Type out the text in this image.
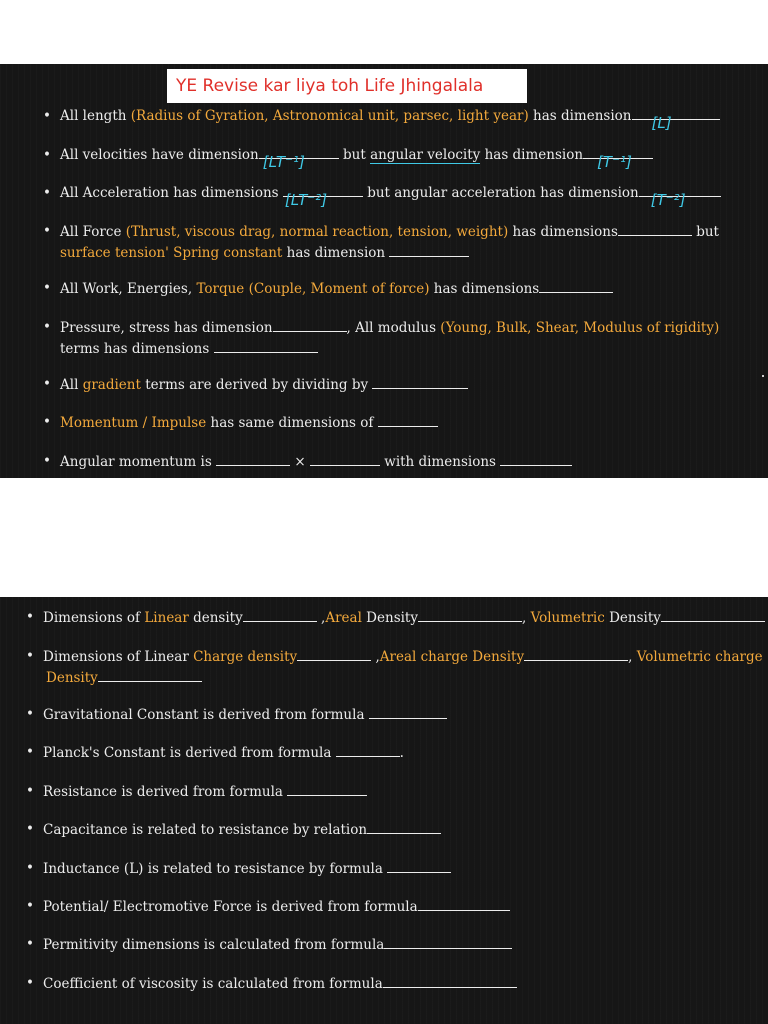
YE Revise kar liya toh Life Jhingalala
• All length (Radius of Gyration, Astronomical unit, parsec, light year) has dimension [L]
• All velocities have dimension [LT⁻¹]	but angular velocity has dimension [T⁻¹]
• All Acceleration has dimensions [LT⁻²]	but angular acceleration has dimension [T⁻²]
• All Force (Thrust, viscous drag, normal reaction, tension, weight) has dimensions	but
surface tension' Spring constant has dimension
• All Work, Energies, Torque (Couple, Moment of force) has dimensions
• Pressure, stress has dimension	, All modulus (Young, Bulk, Shear, Modulus of rigidity)
terms has dimensions
• All gradient terms are derived by dividing by
• Momentum / Impulse has same dimensions of
• Angular momentum is	×	with dimensions
• Dimensions of Linear density	,Areal Density	, Volumetric Density
• Dimensions of Linear Charge density	,Areal charge Density	, Volumetric charge
Density
• Gravitational Constant is derived from formula
• Planck's Constant is derived from formula	.
• Resistance is derived from formula
• Capacitance is related to resistance by relation
• Inductance (L) is related to resistance by formula
• Potential/ Electromotive Force is derived from formula
• Permitivity dimensions is calculated from formula
• Coefficient of viscosity is calculated from formula
